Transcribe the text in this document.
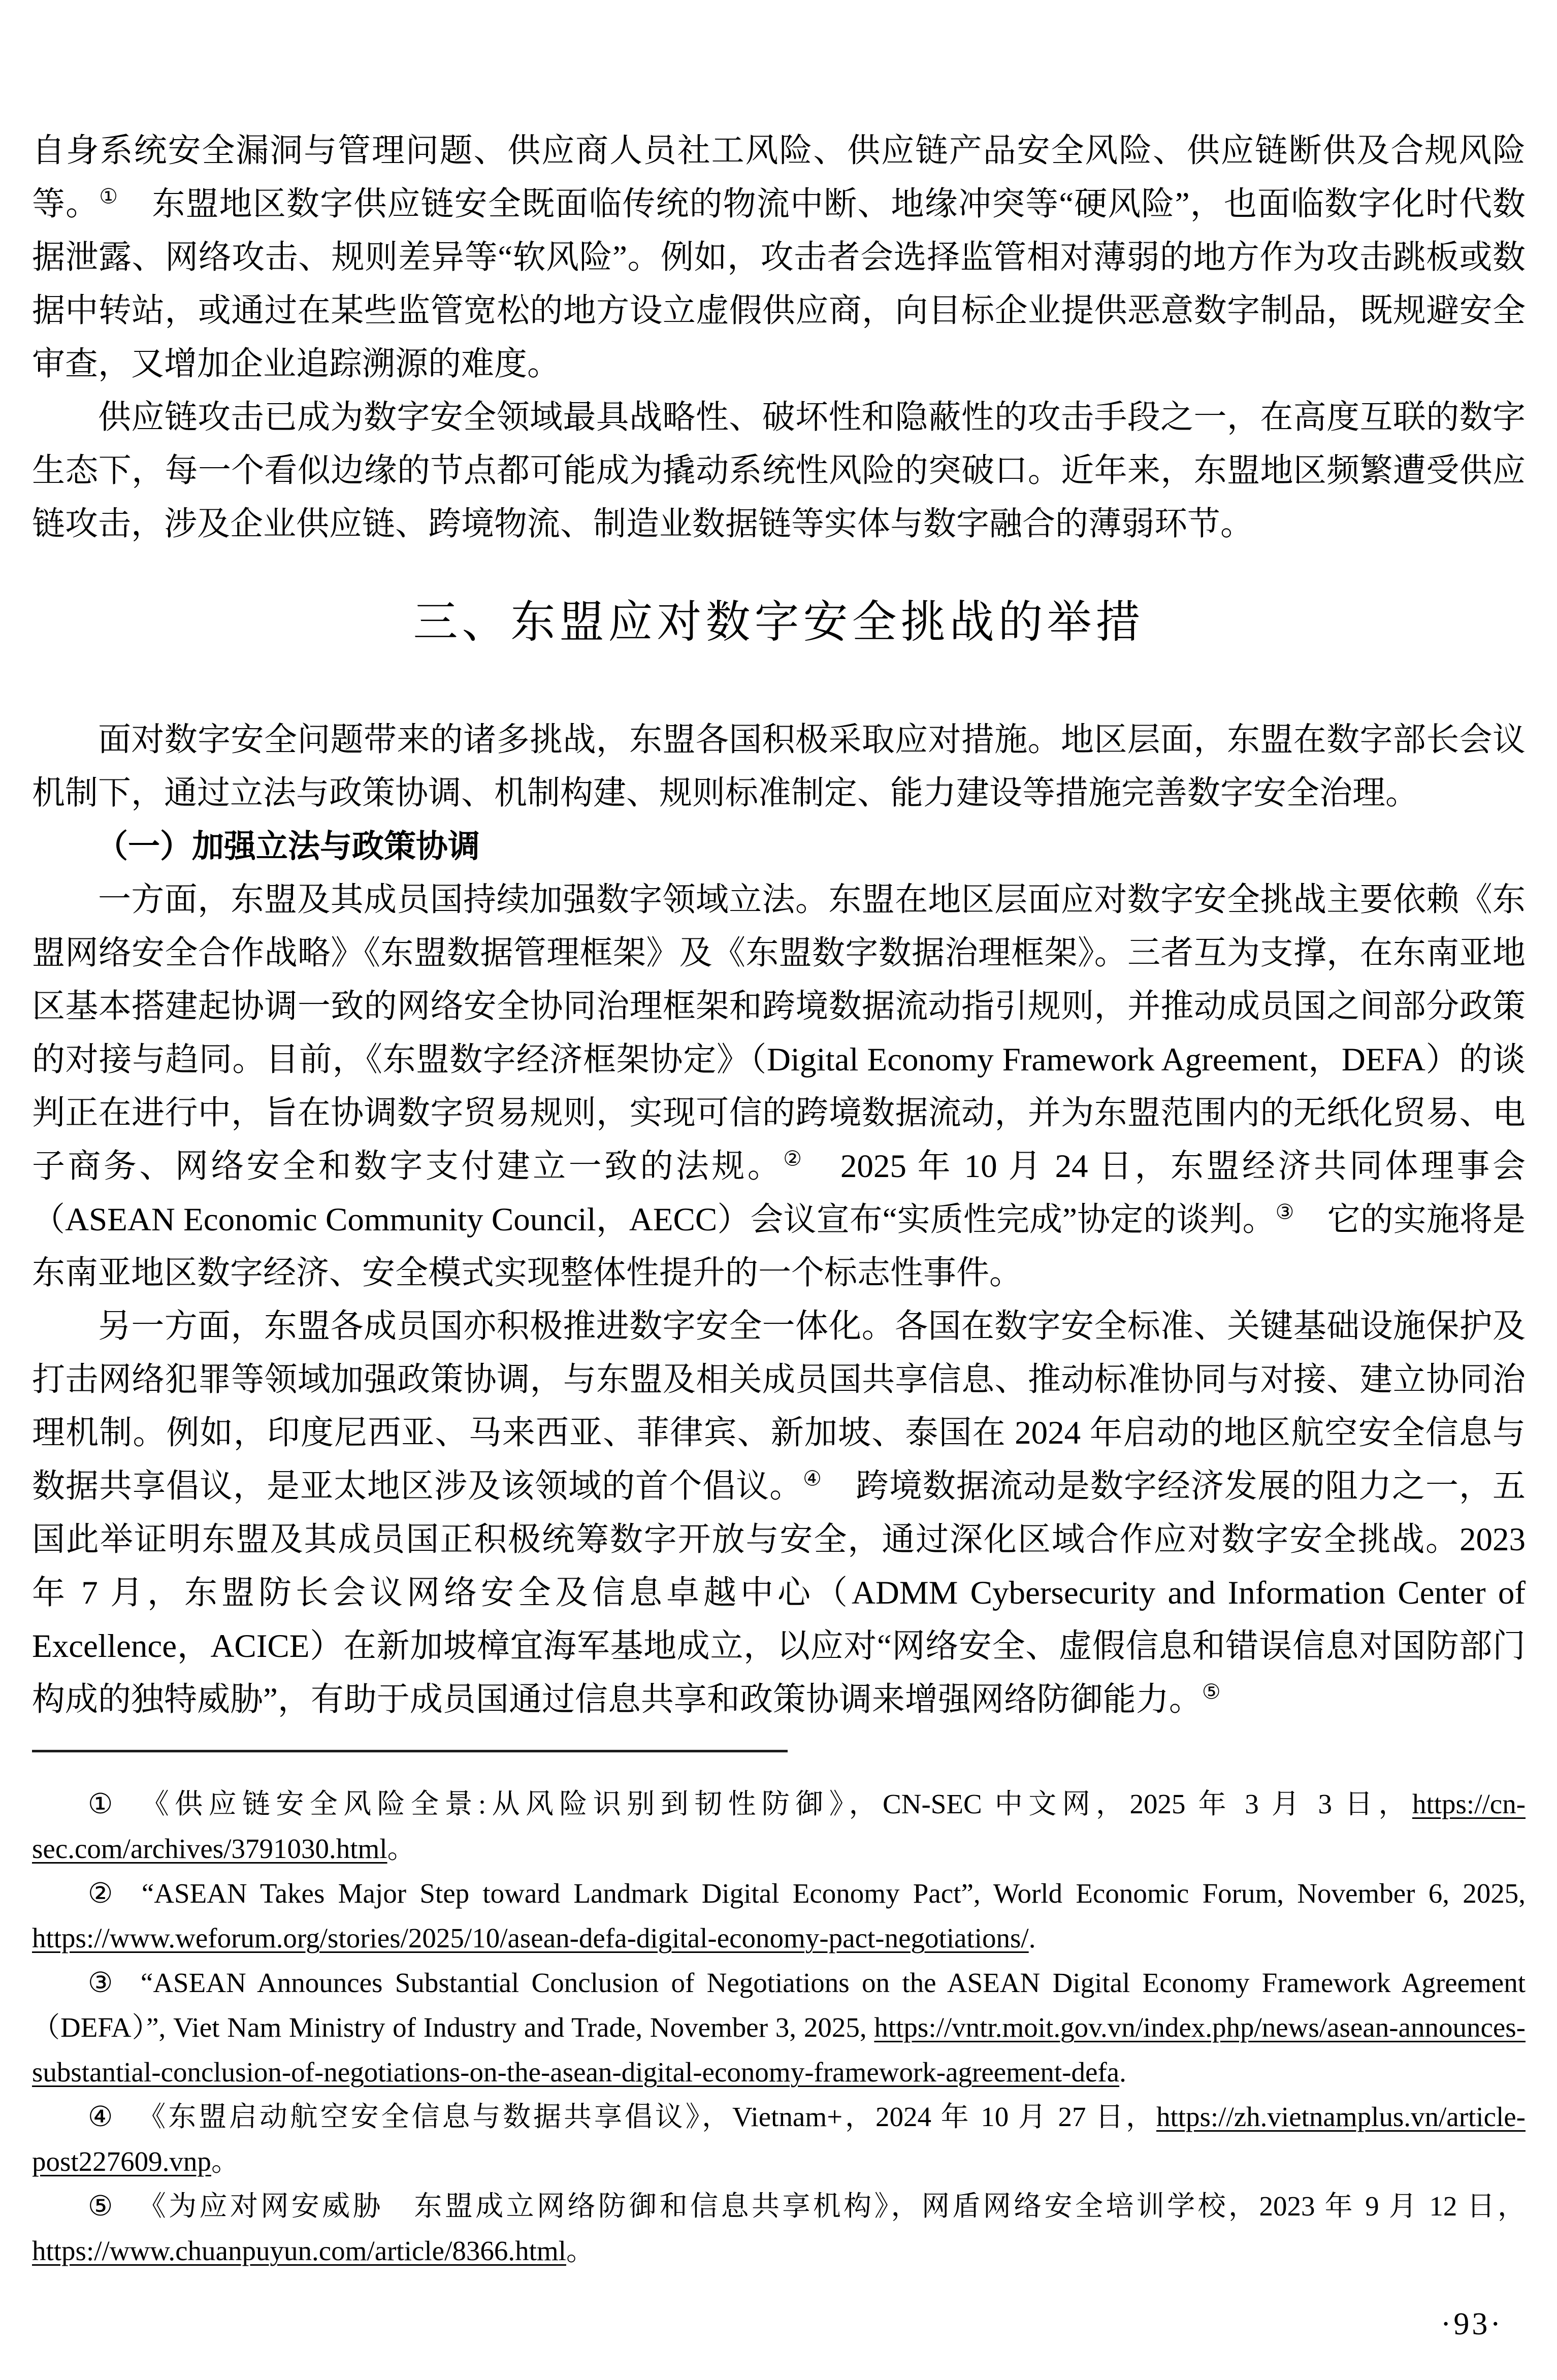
自身系统安全漏洞与管理问题、供应商人员社工风险、供应链产品安全风险、供应链断供及合规风险等。①　东盟地区数字供应链安全既面临传统的物流中断、地缘冲突等“硬风险”，也面临数字化时代数据泄露、网络攻击、规则差异等“软风险”。例如，攻击者会选择监管相对薄弱的地方作为攻击跳板或数据中转站，或通过在某些监管宽松的地方设立虚假供应商，向目标企业提供恶意数字制品，既规避安全审查，又增加企业追踪溯源的难度。

供应链攻击已成为数字安全领域最具战略性、破坏性和隐蔽性的攻击手段之一，在高度互联的数字生态下，每一个看似边缘的节点都可能成为撬动系统性风险的突破口。近年来，东盟地区频繁遭受供应链攻击，涉及企业供应链、跨境物流、制造业数据链等实体与数字融合的薄弱环节。

三、东盟应对数字安全挑战的举措

面对数字安全问题带来的诸多挑战，东盟各国积极采取应对措施。地区层面，东盟在数字部长会议机制下，通过立法与政策协调、机制构建、规则标准制定、能力建设等措施完善数字安全治理。

（一）加强立法与政策协调

一方面，东盟及其成员国持续加强数字领域立法。东盟在地区层面应对数字安全挑战主要依赖《东盟网络安全合作战略》《东盟数据管理框架》及《东盟数字数据治理框架》。三者互为支撑，在东南亚地区基本搭建起协调一致的网络安全协同治理框架和跨境数据流动指引规则，并推动成员国之间部分政策的对接与趋同。目前，《东盟数字经济框架协定》（Digital Economy Framework Agreement，DEFA）的谈判正在进行中，旨在协调数字贸易规则，实现可信的跨境数据流动，并为东盟范围内的无纸化贸易、电子商务、网络安全和数字支付建立一致的法规。②　2025 年 10 月 24 日，东盟经济共同体理事会（ASEAN Economic Community Council，AECC）会议宣布“实质性完成”协定的谈判。③　它的实施将是东南亚地区数字经济、安全模式实现整体性提升的一个标志性事件。

另一方面，东盟各成员国亦积极推进数字安全一体化。各国在数字安全标准、关键基础设施保护及打击网络犯罪等领域加强政策协调，与东盟及相关成员国共享信息、推动标准协同与对接、建立协同治理机制。例如，印度尼西亚、马来西亚、菲律宾、新加坡、泰国在 2024 年启动的地区航空安全信息与数据共享倡议，是亚太地区涉及该领域的首个倡议。④　跨境数据流动是数字经济发展的阻力之一，五国此举证明东盟及其成员国正积极统筹数字开放与安全，通过深化区域合作应对数字安全挑战。2023 年 7 月，东盟防长会议网络安全及信息卓越中心（ADMM Cybersecurity and Information Center of Excellence，ACICE）在新加坡樟宜海军基地成立，以应对“网络安全、虚假信息和错误信息对国防部门构成的独特威胁”，有助于成员国通过信息共享和政策协调来增强网络防御能力。⑤

① 《供应链安全风险全景:从风险识别到韧性防御》，CN-SEC 中文网，2025 年 3 月 3 日，https://cn-sec.com/archives/3791030.html。
② “ASEAN Takes Major Step toward Landmark Digital Economy Pact”, World Economic Forum, November 6, 2025, https://www.weforum.org/stories/2025/10/asean-defa-digital-economy-pact-negotiations/.
③ “ASEAN Announces Substantial Conclusion of Negotiations on the ASEAN Digital Economy Framework Agreement（DEFA）”, Viet Nam Ministry of Industry and Trade, November 3, 2025, https://vntr.moit.gov.vn/index.php/news/asean-announces-substantial-conclusion-of-negotiations-on-the-asean-digital-economy-framework-agreement-defa.
④ 《东盟启动航空安全信息与数据共享倡议》，Vietnam+，2024 年 10 月 27 日，https://zh.vietnamplus.vn/article-post227609.vnp。
⑤ 《为应对网安威胁　东盟成立网络防御和信息共享机构》，网盾网络安全培训学校，2023 年 9 月 12 日，https://www.chuanpuyun.com/article/8366.html。
·93·
